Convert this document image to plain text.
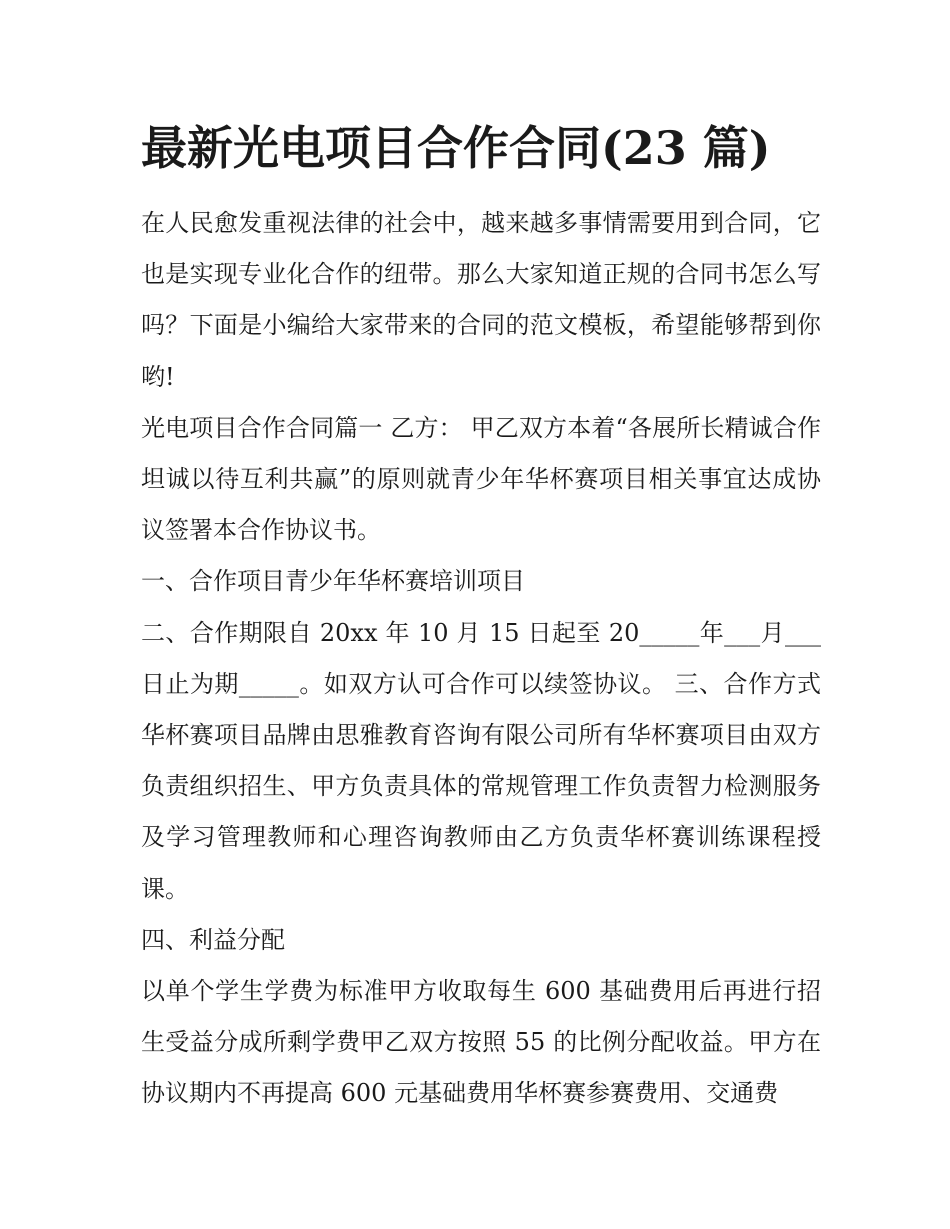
最新光电项目合作合同(23 篇)

在人民愈发重视法律的社会中，越来越多事情需要用到合同，它也是实现专业化合作的纽带。那么大家知道正规的合同书怎么写吗？下面是小编给大家带来的合同的范文模板，希望能够帮到你哟!

光电项目合作合同篇一 乙方： 甲乙双方本着“各展所长精诚合作坦诚以待互利共赢”的原则就青少年华杯赛项目相关事宜达成协议签署本合作协议书。

一、合作项目青少年华杯赛培训项目

二、合作期限自 20xx 年 10 月 15 日起至 20_____年___月___日止为期_____。如双方认可合作可以续签协议。 三、合作方式华杯赛项目品牌由思雅教育咨询有限公司所有华杯赛项目由双方负责组织招生、甲方负责具体的常规管理工作负责智力检测服务及学习管理教师和心理咨询教师由乙方负责华杯赛训练课程授课。

四、利益分配

以单个学生学费为标准甲方收取每生 600 基础费用后再进行招生受益分成所剩学费甲乙双方按照 55 的比例分配收益。甲方在协议期内不再提高 600 元基础费用华杯赛参赛费用、交通费
